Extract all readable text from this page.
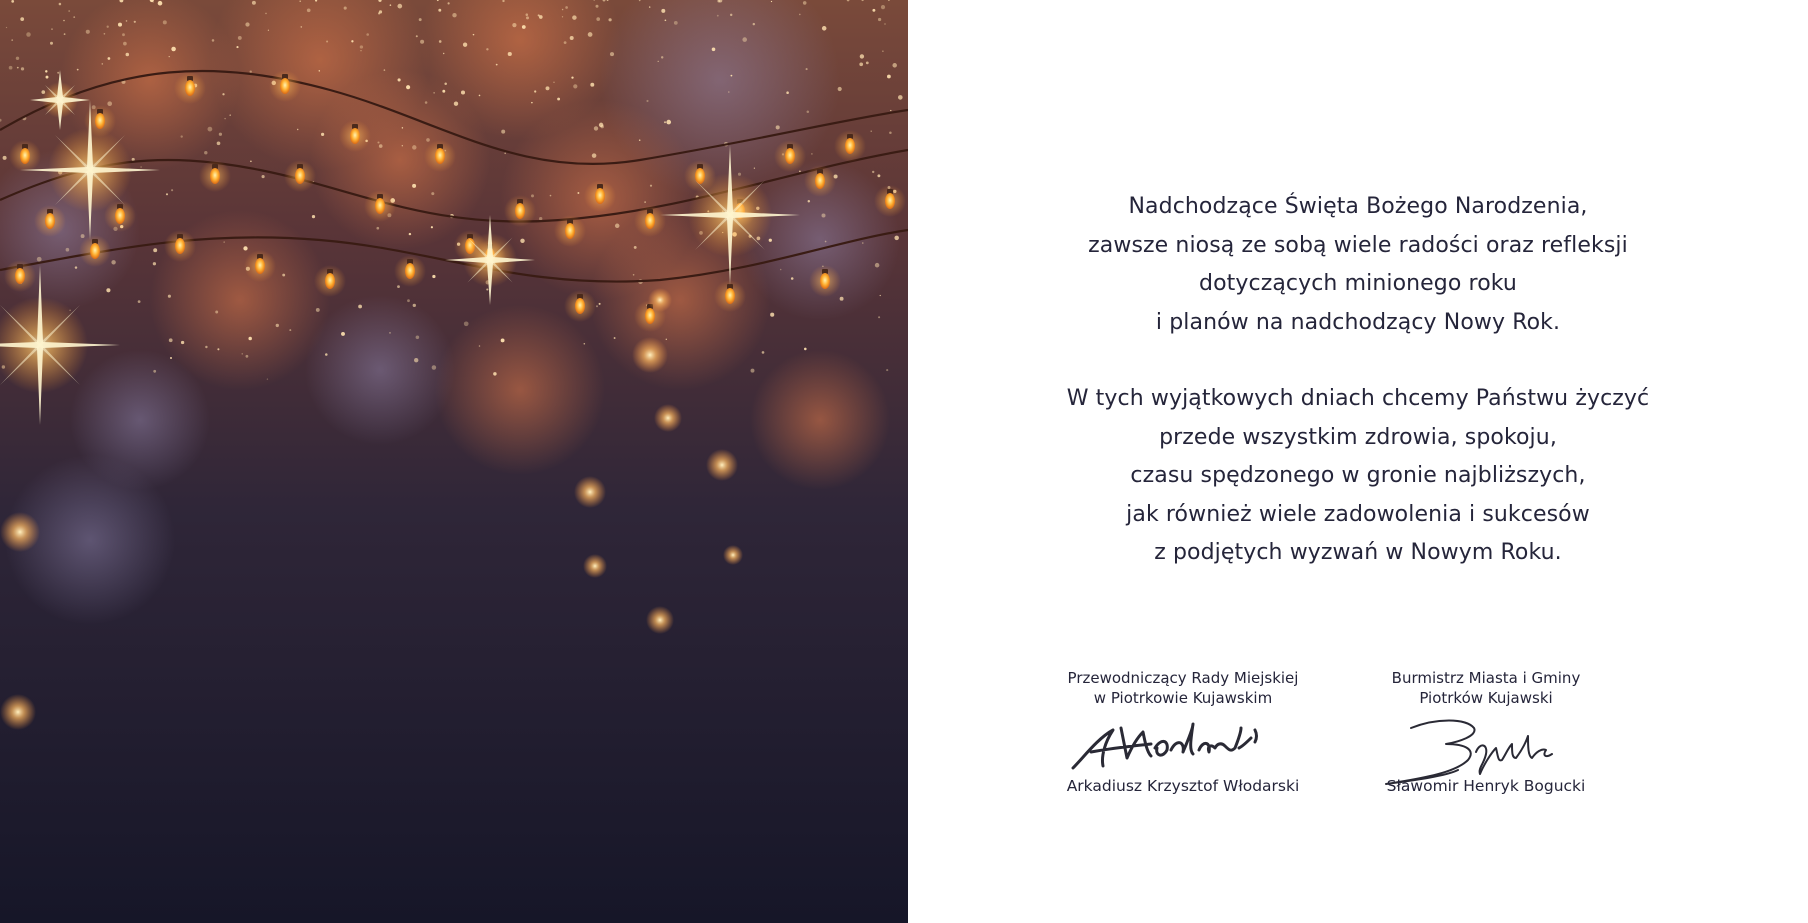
Nadchodzące Święta Bożego Narodzenia,

zawsze niosą ze sobą wiele radości oraz refleksji

dotyczących minionego roku

i planów na nadchodzący Nowy Rok.

W tych wyjątkowych dniach chcemy Państwu życzyć

przede wszystkim zdrowia, spokoju,

czasu spędzonego w gronie najbliższych,

jak również wiele zadowolenia i sukcesów

z podjętych wyzwań w Nowym Roku.

Przewodniczący Rady Miejskiej
w Piotrkowie Kujawskim
Arkadiusz Krzysztof Włodarski
Burmistrz Miasta i Gminy
Piotrków Kujawski
Sławomir Henryk Bogucki
